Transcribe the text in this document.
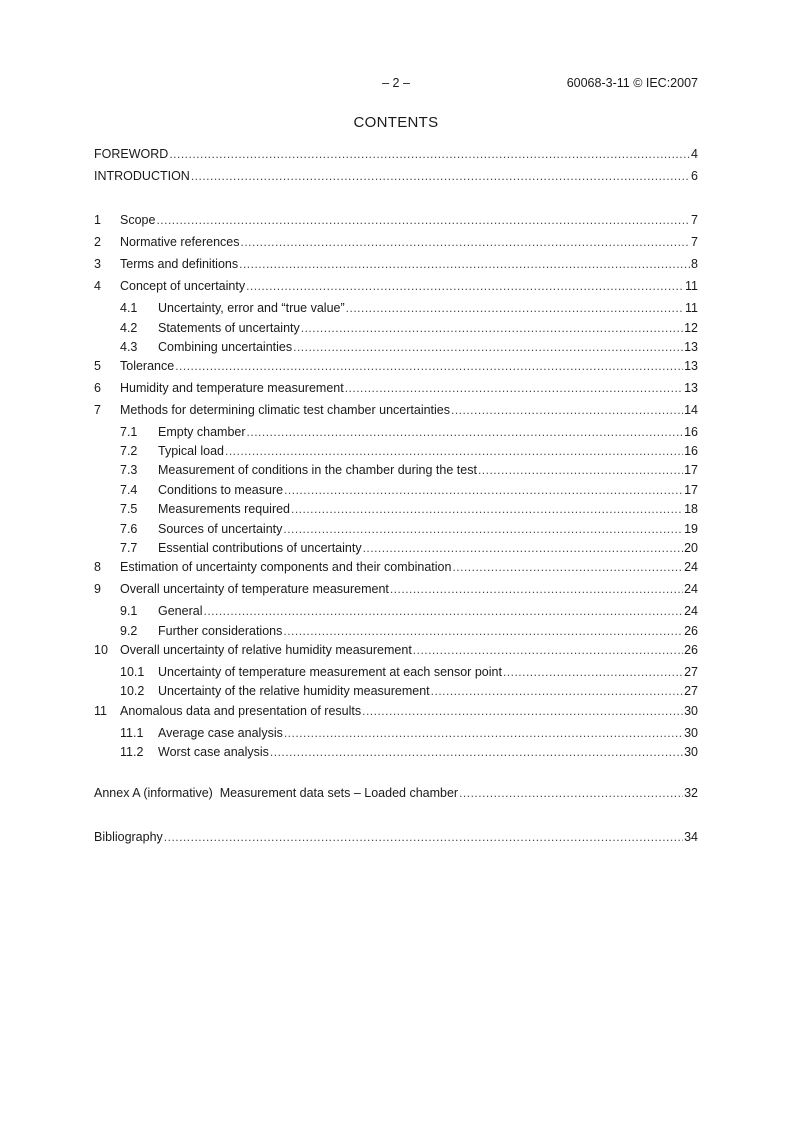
– 2 –	60068-3-11 © IEC:2007
CONTENTS
FOREWORD .....	4
INTRODUCTION .....	6
1	Scope .....	7
2	Normative references .....	7
3	Terms and definitions .....	8
4	Concept of uncertainty .....	11
4.1	Uncertainty, error and “true value” .....	11
4.2	Statements of uncertainty .....	12
4.3	Combining uncertainties .....	13
5	Tolerance .....	13
6	Humidity and temperature measurement .....	13
7	Methods for determining climatic test chamber uncertainties .....	14
7.1	Empty chamber .....	16
7.2	Typical load .....	16
7.3	Measurement of conditions in the chamber during the test .....	17
7.4	Conditions to measure .....	17
7.5	Measurements required .....	18
7.6	Sources of uncertainty .....	19
7.7	Essential contributions of uncertainty .....	20
8	Estimation of uncertainty components and their combination .....	24
9	Overall uncertainty of temperature measurement .....	24
9.1	General .....	24
9.2	Further considerations .....	26
10 Overall uncertainty of relative humidity measurement .....	26
10.1	Uncertainty of temperature measurement at each sensor point .....	27
10.2	Uncertainty of the relative humidity measurement .....	27
11	Anomalous data and presentation of results .....	30
11.1	Average case analysis .....	30
11.2	Worst case analysis .....	30
Annex A (informative)  Measurement data sets – Loaded chamber .....	32
Bibliography .....	34
